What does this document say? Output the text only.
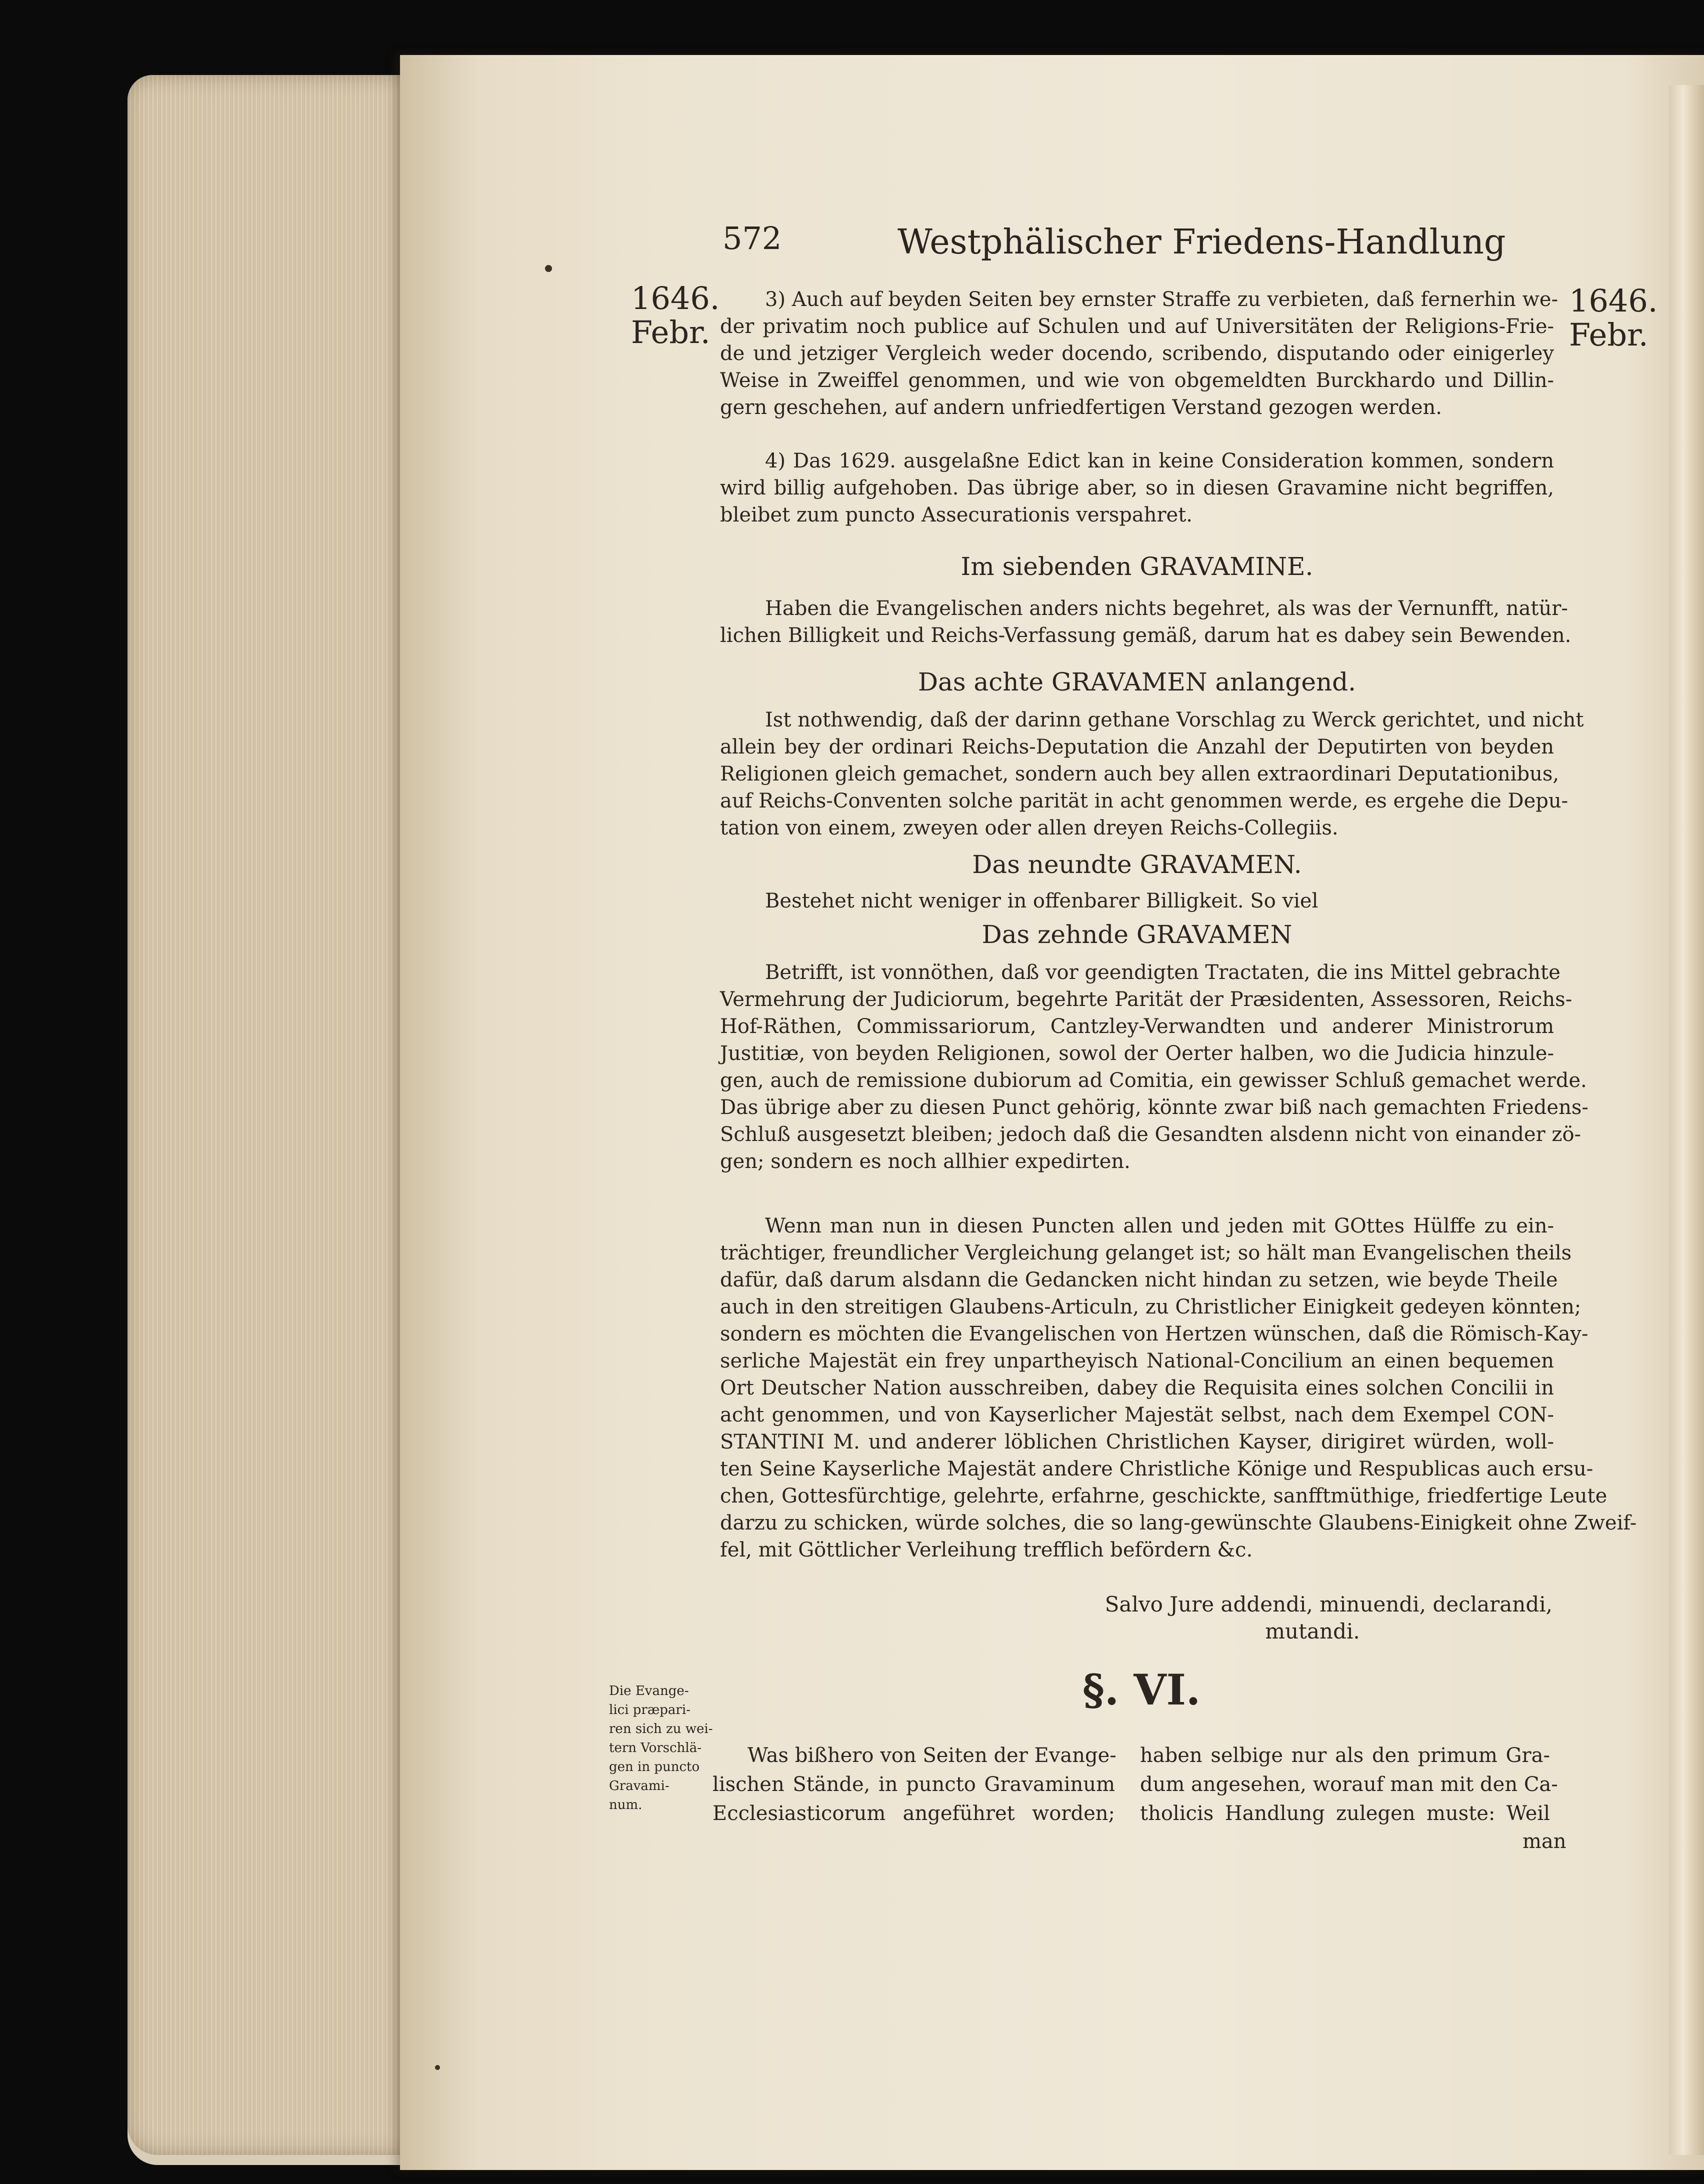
572	Westphälischer Friedens-Handlung
1646.
Febr.
1646.
Febr.
3) Auch auf beyden Seiten bey ernster Straffe zu verbieten, daß fernerhin we-
der privatim noch publice auf Schulen und auf Universitäten der Religions-Frie-
de und jetziger Vergleich weder docendo, scribendo, disputando oder einigerley
Weise in Zweiffel genommen, und wie von obgemeldten Burckhardo und Dillin-
gern geschehen, auf andern unfriedfertigen Verstand gezogen werden.
4) Das 1629. ausgelaßne Edict kan in keine Consideration kommen, sondern
wird billig aufgehoben. Das übrige aber, so in diesen Gravamine nicht begriffen,
bleibet zum puncto Assecurationis verspahret.
Im siebenden GRAVAMINE.
Haben die Evangelischen anders nichts begehret, als was der Vernunfft, natür-
lichen Billigkeit und Reichs-Verfassung gemäß, darum hat es dabey sein Bewenden.
Das achte GRAVAMEN anlangend.
Ist nothwendig, daß der darinn gethane Vorschlag zu Werck gerichtet, und nicht
allein bey der ordinari Reichs-Deputation die Anzahl der Deputirten von beyden
Religionen gleich gemachet, sondern auch bey allen extraordinari Deputationibus,
auf Reichs-Conventen solche parität in acht genommen werde, es ergehe die Depu-
tation von einem, zweyen oder allen dreyen Reichs-Collegiis.
Das neundte GRAVAMEN.
Bestehet nicht weniger in offenbarer Billigkeit. So viel
Das zehnde GRAVAMEN
Betrifft, ist vonnöthen, daß vor geendigten Tractaten, die ins Mittel gebrachte
Vermehrung der Judiciorum, begehrte Parität der Præsidenten, Assessoren, Reichs-
Hof-Räthen, Commissariorum, Cantzley-Verwandten und anderer Ministrorum
Justitiæ, von beyden Religionen, sowol der Oerter halben, wo die Judicia hinzule-
gen, auch de remissione dubiorum ad Comitia, ein gewisser Schluß gemachet werde.
Das übrige aber zu diesen Punct gehörig, könnte zwar biß nach gemachten Friedens-
Schluß ausgesetzt bleiben; jedoch daß die Gesandten alsdenn nicht von einander zö-
gen; sondern es noch allhier expedirten.
Wenn man nun in diesen Puncten allen und jeden mit GOttes Hülffe zu ein-
trächtiger, freundlicher Vergleichung gelanget ist; so hält man Evangelischen theils
dafür, daß darum alsdann die Gedancken nicht hindan zu setzen, wie beyde Theile
auch in den streitigen Glaubens-Articuln, zu Christlicher Einigkeit gedeyen könnten;
sondern es möchten die Evangelischen von Hertzen wünschen, daß die Römisch-Kay-
serliche Majestät ein frey unpartheyisch National-Concilium an einen bequemen
Ort Deutscher Nation ausschreiben, dabey die Requisita eines solchen Concilii in
acht genommen, und von Kayserlicher Majestät selbst, nach dem Exempel CON-
STANTINI M. und anderer löblichen Christlichen Kayser, dirigiret würden, woll-
ten Seine Kayserliche Majestät andere Christliche Könige und Respublicas auch ersu-
chen, Gottesfürchtige, gelehrte, erfahrne, geschickte, sanfftmüthige, friedfertige Leute
darzu zu schicken, würde solches, die so lang-gewünschte Glaubens-Einigkeit ohne Zweif-
fel, mit Göttlicher Verleihung trefflich befördern &c.
Salvo Jure addendi, minuendi, declarandi,
mutandi.
§. VI.
Die Evange-
lici præpari-
ren sich zu wei-
tern Vorschlä-
gen in puncto
Gravami-
num.
Was bißhero von Seiten der Evange-
lischen Stände, in puncto Gravaminum
Ecclesiasticorum angeführet worden;
haben selbige nur als den primum Gra-
dum angesehen, worauf man mit den Ca-
tholicis Handlung zulegen muste: Weil
man
